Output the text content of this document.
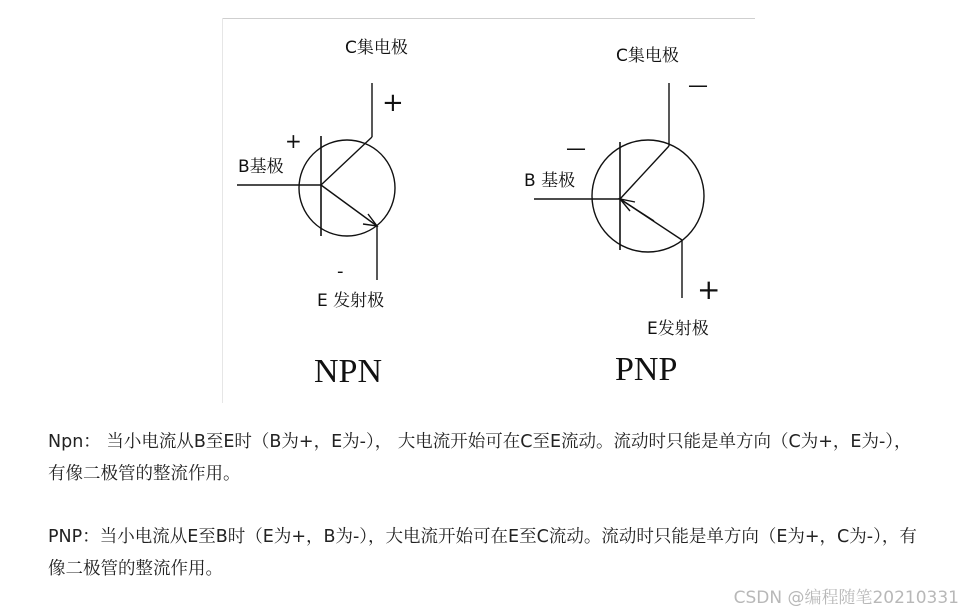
C集电极
+
+
B基极
-
E 发射极
NPN
C集电极
—
—
B 基极
+
E发射极
PNP

Npn： 当小电流从B至E时（B为+，E为-）， 大电流开始可在C至E流动。流动时只能是单方向（C为+，E为-），有像二极管的整流作用。

PNP：当小电流从E至B时（E为+，B为-），大电流开始可在E至C流动。流动时只能是单方向（E为+，C为-），有像二极管的整流作用。

CSDN @编程随笔20210331
